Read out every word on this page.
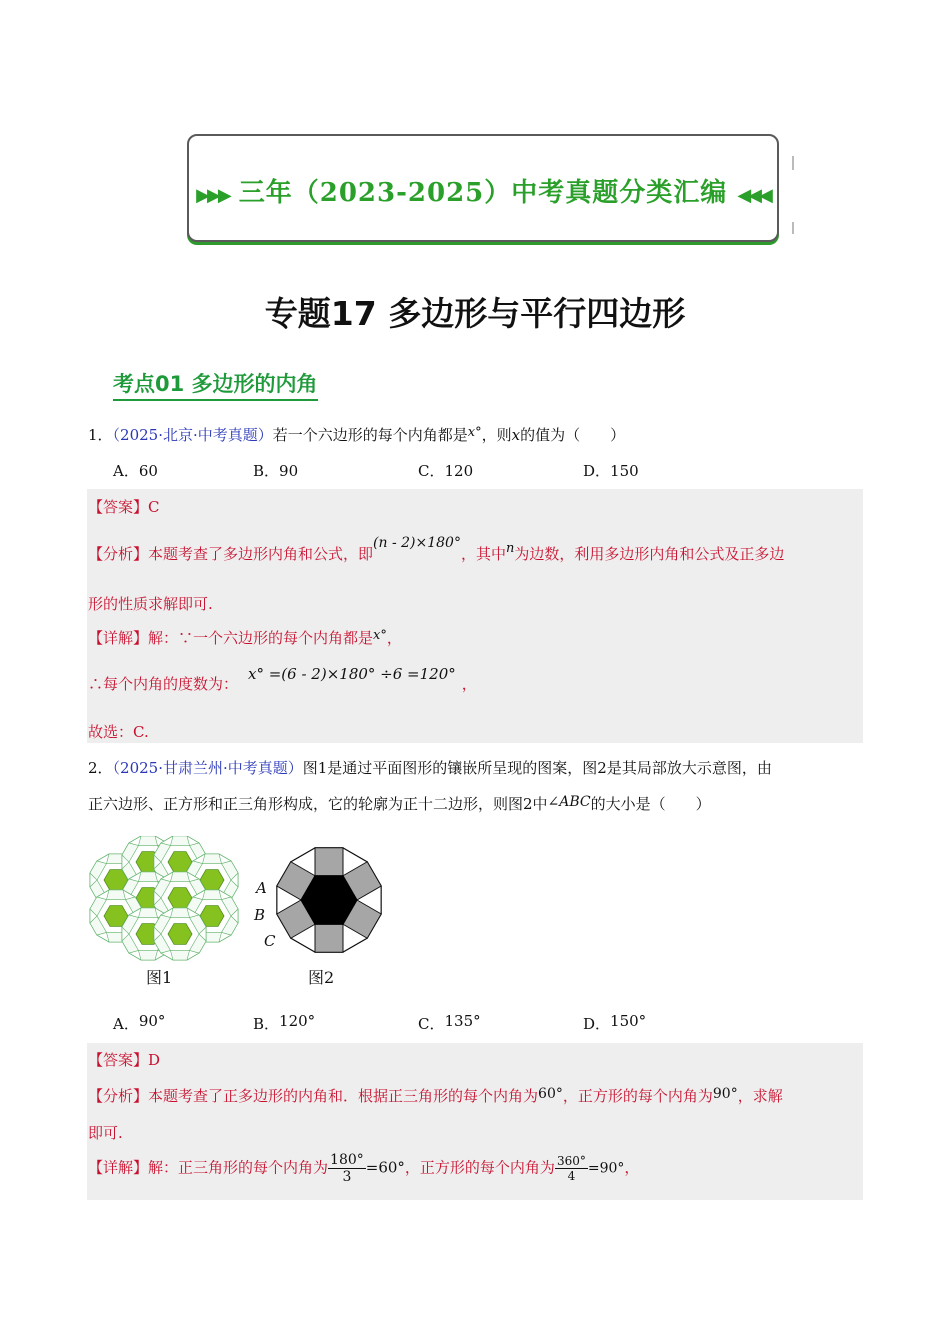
▶▶▶ 三年（2023-2025）中考真题分类汇编 ◀◀◀
专题17 多边形与平行四边形
考点01 多边形的内角
1．（2025·北京·中考真题）若一个六边形的每个内角都是x°，则x的值为（　　）
A．60	B．90	C．120	D．150
【答案】C
【分析】本题考查了多边形内角和公式，即(n - 2)×180°，其中n为边数，利用多边形内角和公式及正多边
形的性质求解即可.
【详解】解：∵一个六边形的每个内角都是x°，
∴每个内角的度数为：x° =(6 - 2)×180° ÷6 =120°，
故选：C.
2．（2025·甘肃兰州·中考真题）图1是通过平面图形的镶嵌所呈现的图案，图2是其局部放大示意图，由
正六边形、正方形和正三角形构成，它的轮廓为正十二边形，则图2中∠ABC的大小是（　　）
图1
A
B
C
图2
A．90°	B．120°	C．135°	D．150°
【答案】D
【分析】本题考查了正多边形的内角和．根据正三角形的每个内角为60°，正方形的每个内角为90°，求解
即可.
【详解】解：正三角形的每个内角为 $\frac{180^\circ}{3} =60^\circ$，正方形的每个内角为 $\frac{360^\circ}{4} =90^\circ$，
